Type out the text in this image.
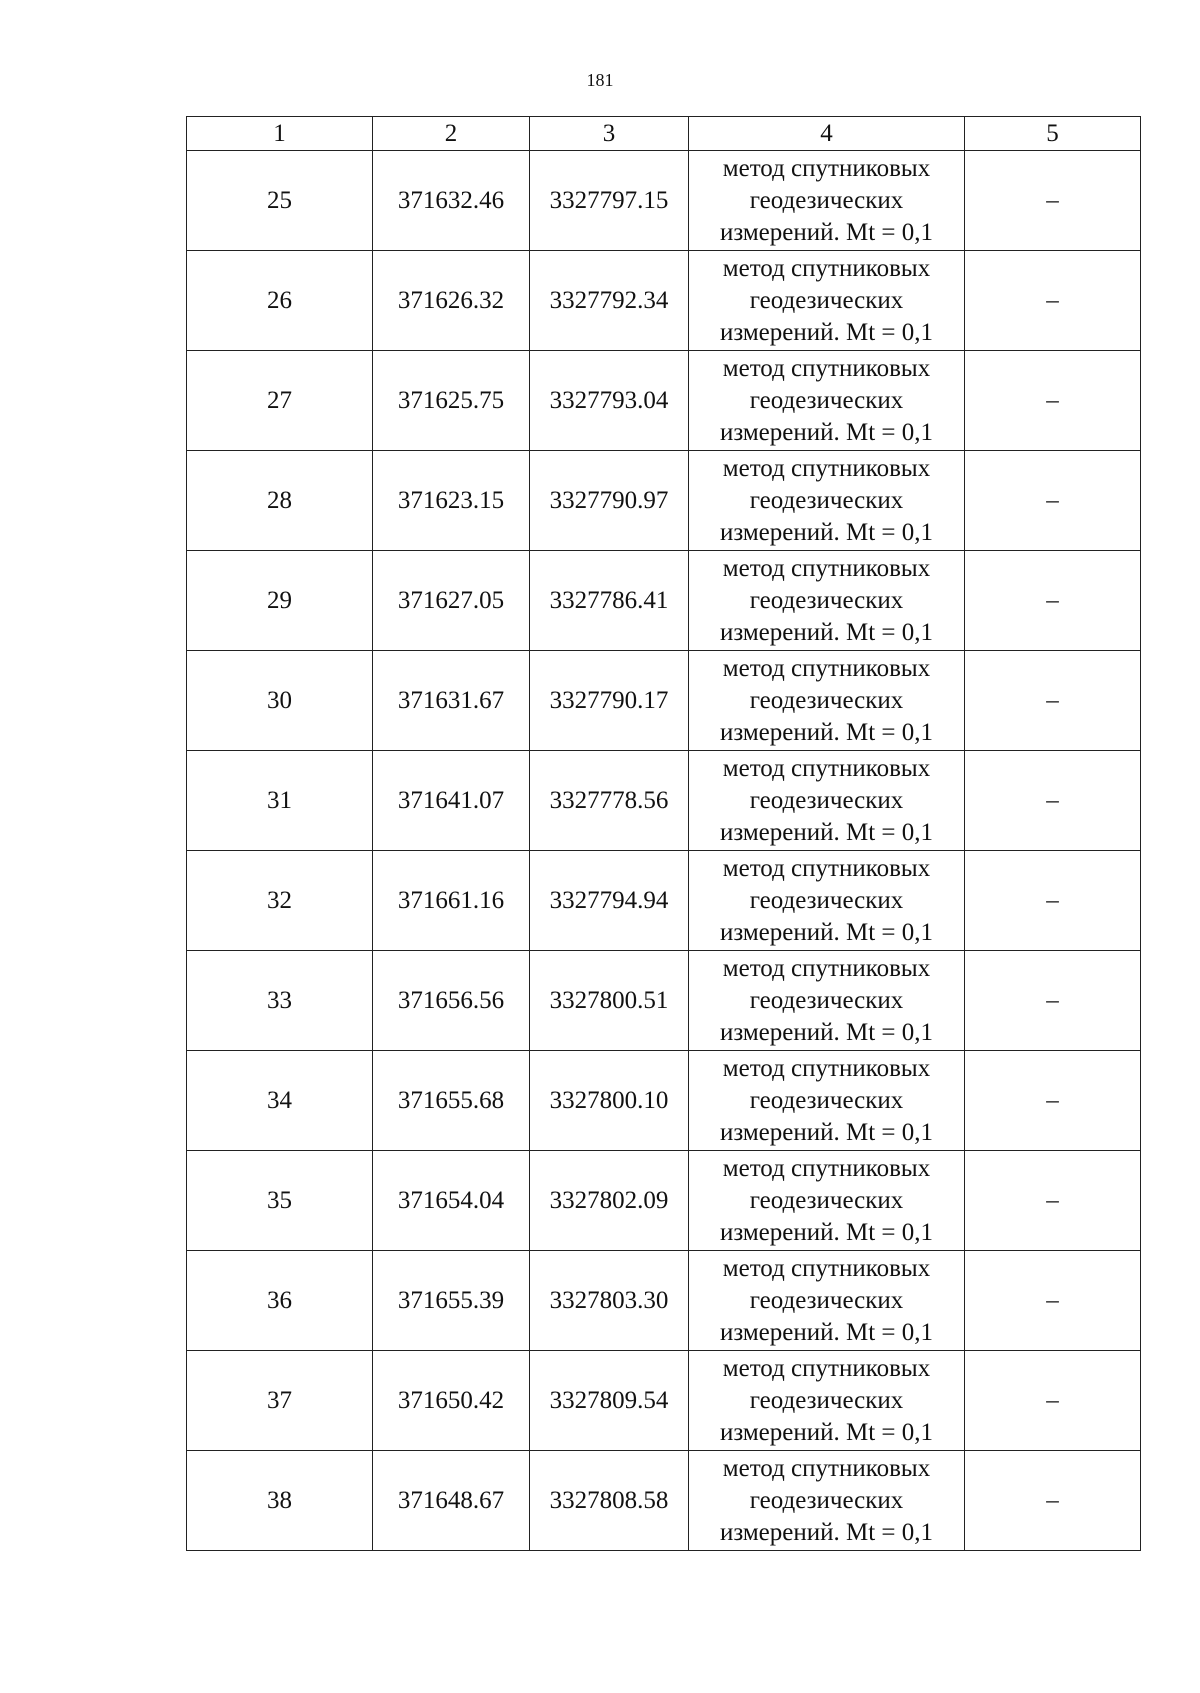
181
1	2	3	4	5
25	371632.46	3327797.15	метод спутниковых
геодезических
измерений. Mt = 0,1	–
26	371626.32	3327792.34	метод спутниковых
геодезических
измерений. Mt = 0,1	–
27	371625.75	3327793.04	метод спутниковых
геодезических
измерений. Mt = 0,1	–
28	371623.15	3327790.97	метод спутниковых
геодезических
измерений. Mt = 0,1	–
29	371627.05	3327786.41	метод спутниковых
геодезических
измерений. Mt = 0,1	–
30	371631.67	3327790.17	метод спутниковых
геодезических
измерений. Mt = 0,1	–
31	371641.07	3327778.56	метод спутниковых
геодезических
измерений. Mt = 0,1	–
32	371661.16	3327794.94	метод спутниковых
геодезических
измерений. Mt = 0,1	–
33	371656.56	3327800.51	метод спутниковых
геодезических
измерений. Mt = 0,1	–
34	371655.68	3327800.10	метод спутниковых
геодезических
измерений. Mt = 0,1	–
35	371654.04	3327802.09	метод спутниковых
геодезических
измерений. Mt = 0,1	–
36	371655.39	3327803.30	метод спутниковых
геодезических
измерений. Mt = 0,1	–
37	371650.42	3327809.54	метод спутниковых
геодезических
измерений. Mt = 0,1	–
38	371648.67	3327808.58	метод спутниковых
геодезических
измерений. Mt = 0,1	–
